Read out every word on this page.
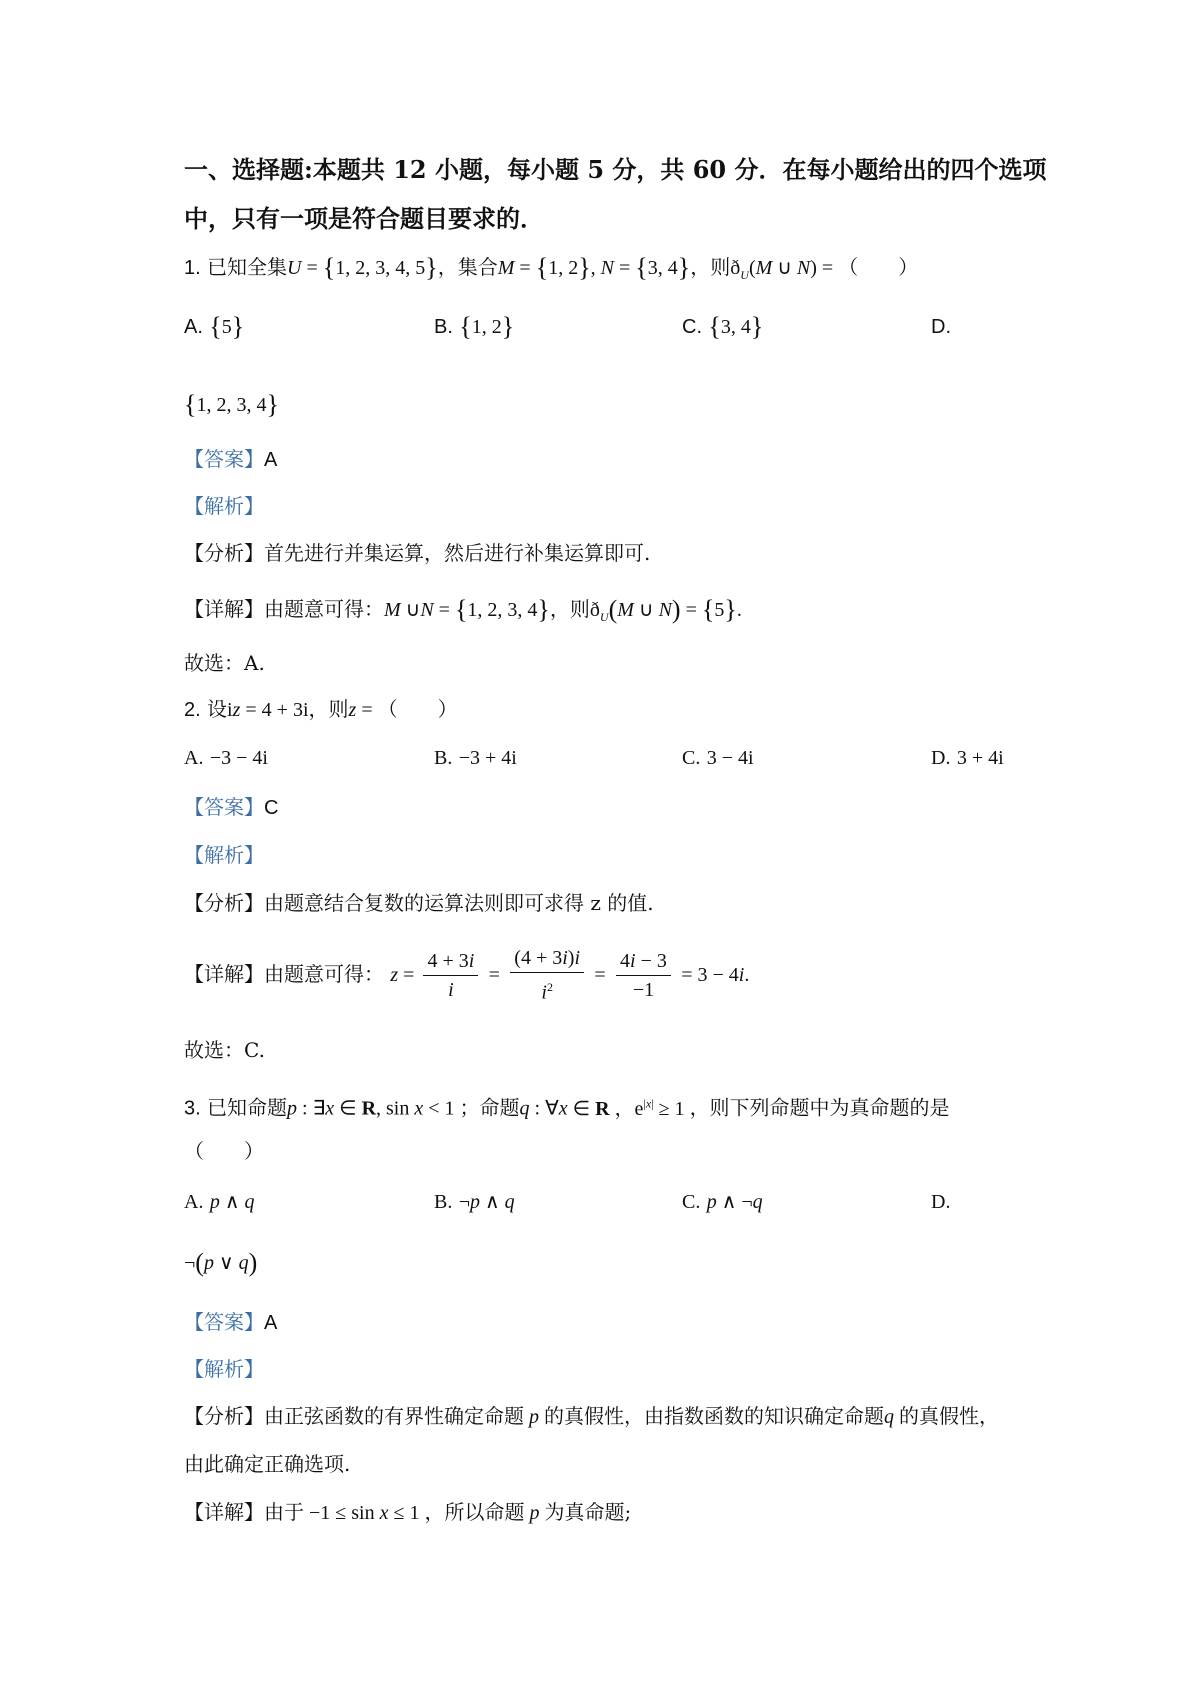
一、选择题:本题共 12 小题，每小题 5 分，共 60 分．在每小题给出的四个选项
中，只有一项是符合题目要求的．
1. 已知全集U = {1, 2, 3, 4, 5}，集合M = {1, 2}, N = {3, 4}，则$ð_U(M$ ∪ N) = （　　）
A. {5}	B. {1, 2}	C. {3, 4}	D.
{1, 2, 3, 4}
【答案】A
【解析】
【分析】首先进行并集运算，然后进行补集运算即可.
【详解】由题意可得：M ∪N = {1, 2, 3, 4}，则$ð_U(M$ ∪ N) = {5}.
故选：A.
2. 设iz = 4 + 3i，则z = （　　）
A. −3 − 4i	B. −3 + 4i	C. 3 − 4i	D. 3 + 4i
【答案】C
【解析】
【分析】由题意结合复数的运算法则即可求得 z 的值.
【详解】由题意可得： $z = \frac{4 + 3i}{i} = \frac{(4 + 3i)i}{i^2} = \frac{4i - 3}{-1} = 3 - 4i$.
故选：C.
3. 已知命题p : ∃x ∈ R, sin x < 1 ；命题q : ∀x ∈ R ，$e^{|x|} \ge 1$ ，则下列命题中为真命题的是
（　　）
A. p ∧ q	B. ¬p ∧ q	C. p ∧ ¬q	D.
¬(p ∨ q)
【答案】A
【解析】
【分析】由正弦函数的有界性确定命题 p 的真假性，由指数函数的知识确定命题q 的真假性，
由此确定正确选项.
【详解】由于 −1 ≤ sin x ≤ 1 ，所以命题 p 为真命题;
